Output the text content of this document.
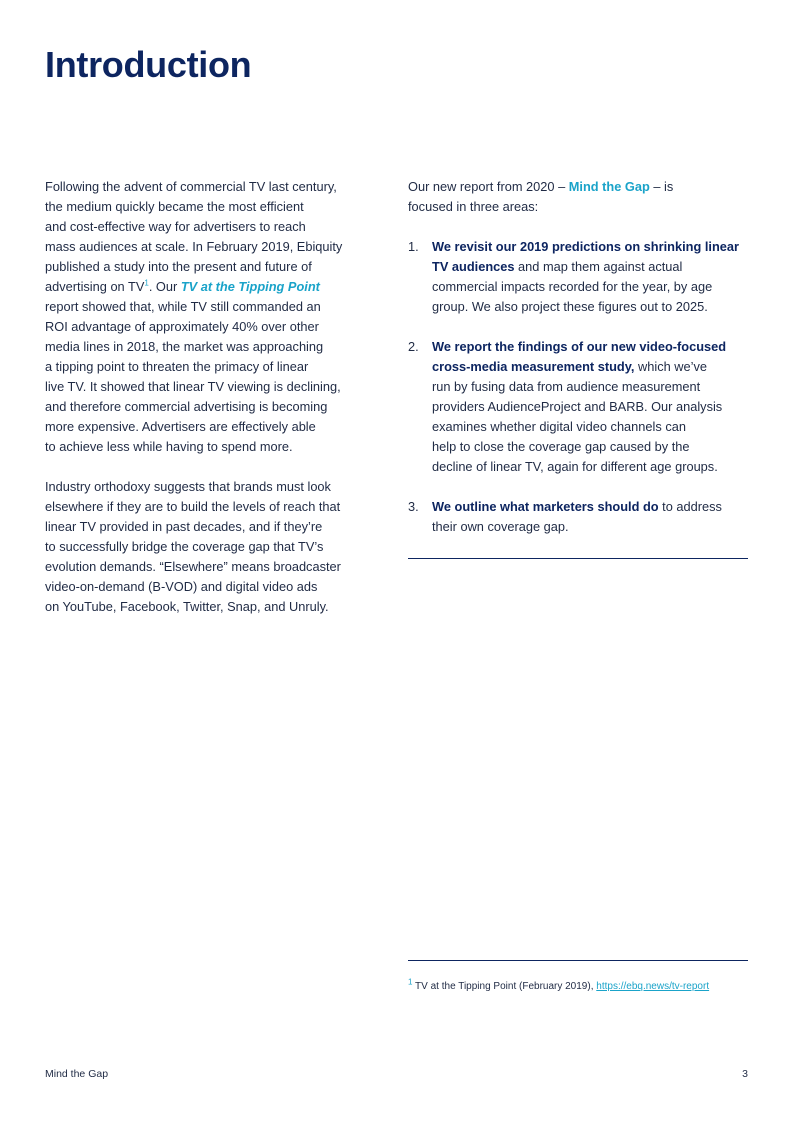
Introduction
Following the advent of commercial TV last century,
the medium quickly became the most efficient
and cost-effective way for advertisers to reach
mass audiences at scale. In February 2019, Ebiquity
published a study into the present and future of
advertising on $TV^1$. Our TV at the Tipping Point
report showed that, while TV still commanded an
ROI advantage of approximately 40% over other
media lines in 2018, the market was approaching
a tipping point to threaten the primacy of linear
live TV. It showed that linear TV viewing is declining,
and therefore commercial advertising is becoming
more expensive. Advertisers are effectively able
to achieve less while having to spend more.
Industry orthodoxy suggests that brands must look
elsewhere if they are to build the levels of reach that
linear TV provided in past decades, and if they’re
to successfully bridge the coverage gap that TV’s
evolution demands. “Elsewhere” means broadcaster
video-on-demand (B-VOD) and digital video ads
on YouTube, Facebook, Twitter, Snap, and Unruly.
Our new report from 2020 – Mind the Gap – is
focused in three areas:
1. We revisit our 2019 predictions on shrinking linear
TV audiences and map them against actual
commercial impacts recorded for the year, by age
group. We also project these figures out to 2025.
2. We report the findings of our new video-focused
cross-media measurement study, which we’ve
run by fusing data from audience measurement
providers AudienceProject and BARB. Our analysis
examines whether digital video channels can
help to close the coverage gap caused by the
decline of linear TV, again for different age groups.
3. We outline what marketers should do to address
their own coverage gap.
$^1$ TV at the Tipping Point (February 2019), https://ebq.news/tv-report
Mind the Gap	3
